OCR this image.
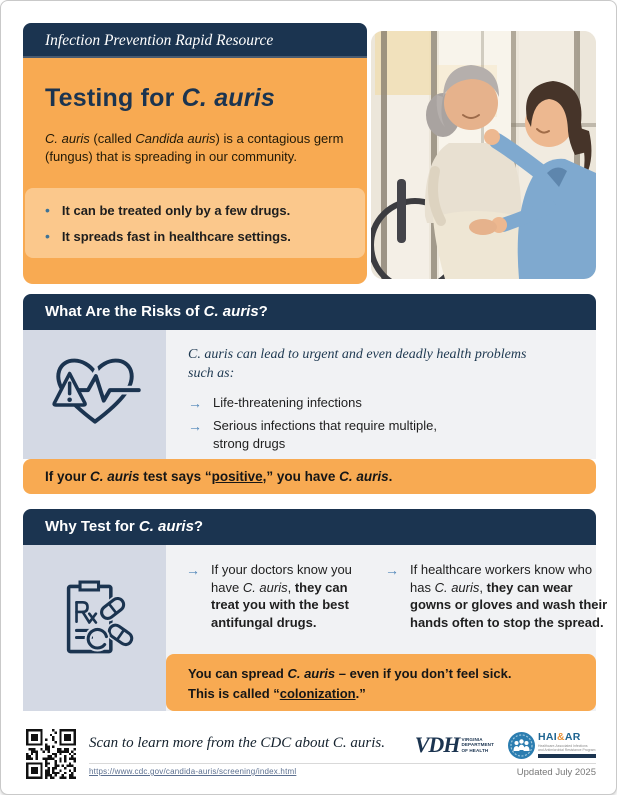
Infection Prevention Rapid Resource
Testing for C. auris

C. auris (called Candida auris) is a contagious germ (fungus) that is spreading in our community.

• It can be treated only by a few drugs.
• It spreads fast in healthcare settings.
What Are the Risks of C. auris?

C. auris can lead to urgent and even deadly health problems such as:

→ Life-threatening infections
→ Serious infections that require multiple, strong drugs
If your C. auris test says “positive,” you have C. auris.
Why Test for C. auris?
→ If your doctors know you have C. auris, they can treat you with the best antifungal drugs.
→ If healthcare workers know who has C. auris, they can wear gowns or gloves and wash their hands often to stop the spread.
You can spread C. auris – even if you don’t feel sick.
This is called “colonization.”

Scan to learn more from the CDC about C. auris.

https://www.cdc.gov/candida-auris/screening/index.html	Updated July 2025
VDH VIRGINIA
DEPARTMENT
OF HEALTH
HAI&AR
Healthcare-Associated Infections
and Antimicrobial Resistance Program
